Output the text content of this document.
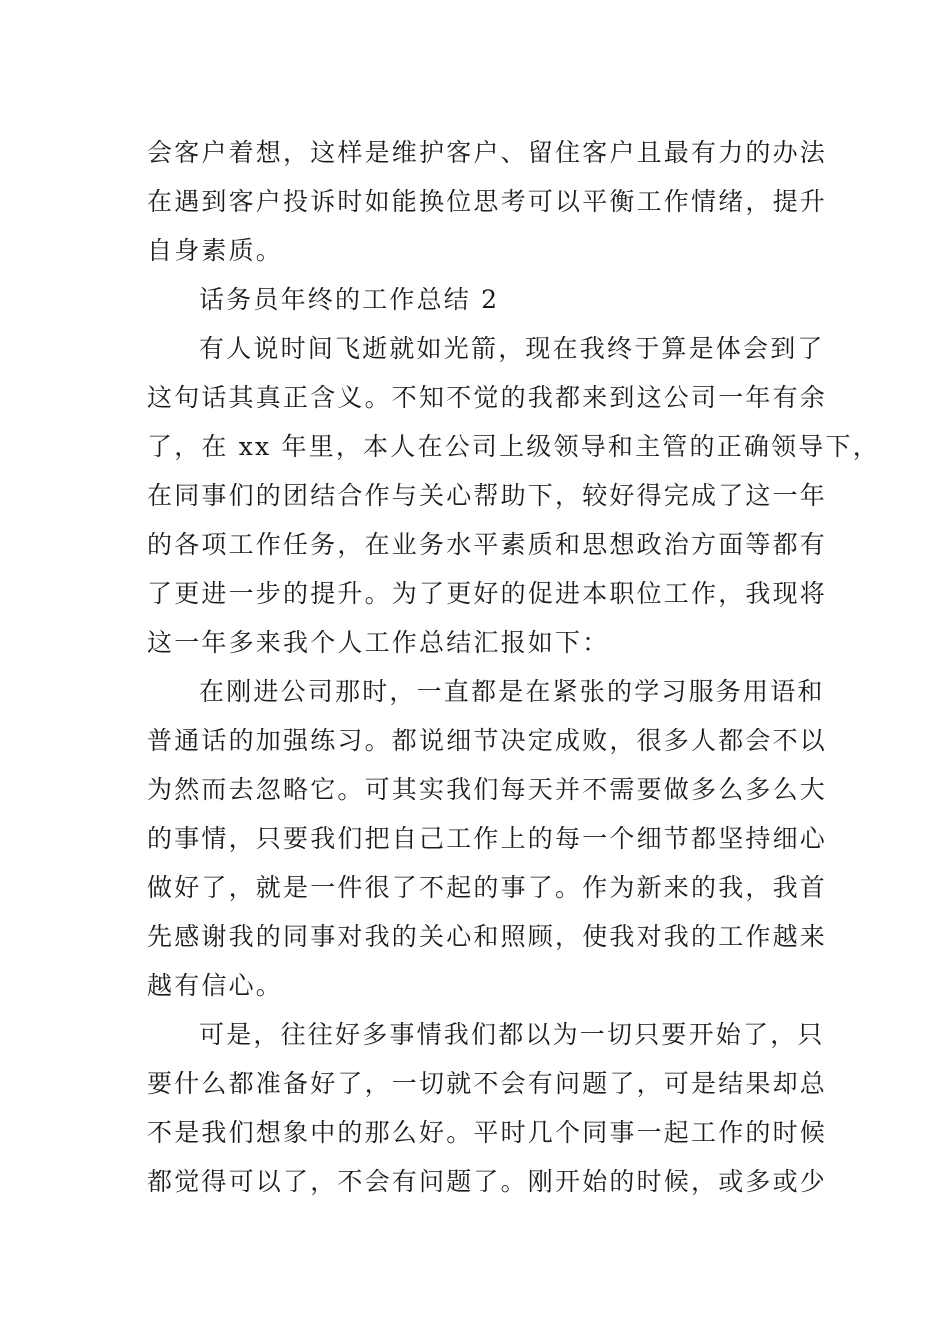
会客户着想，这样是维护客户、留住客户且最有力的办法
在遇到客户投诉时如能换位思考可以平衡工作情绪，提升
自身素质。
话务员年终的工作总结 2
有人说时间飞逝就如光箭，现在我终于算是体会到了
这句话其真正含义。不知不觉的我都来到这公司一年有余
了，在 xx 年里，本人在公司上级领导和主管的正确领导下，
在同事们的团结合作与关心帮助下，较好得完成了这一年
的各项工作任务，在业务水平素质和思想政治方面等都有
了更进一步的提升。为了更好的促进本职位工作，我现将
这一年多来我个人工作总结汇报如下：
在刚进公司那时，一直都是在紧张的学习服务用语和
普通话的加强练习。都说细节决定成败，很多人都会不以
为然而去忽略它。可其实我们每天并不需要做多么多么大
的事情，只要我们把自己工作上的每一个细节都坚持细心
做好了，就是一件很了不起的事了。作为新来的我，我首
先感谢我的同事对我的关心和照顾，使我对我的工作越来
越有信心。
可是，往往好多事情我们都以为一切只要开始了，只
要什么都准备好了，一切就不会有问题了，可是结果却总
不是我们想象中的那么好。平时几个同事一起工作的时候
都觉得可以了，不会有问题了。刚开始的时候，或多或少
